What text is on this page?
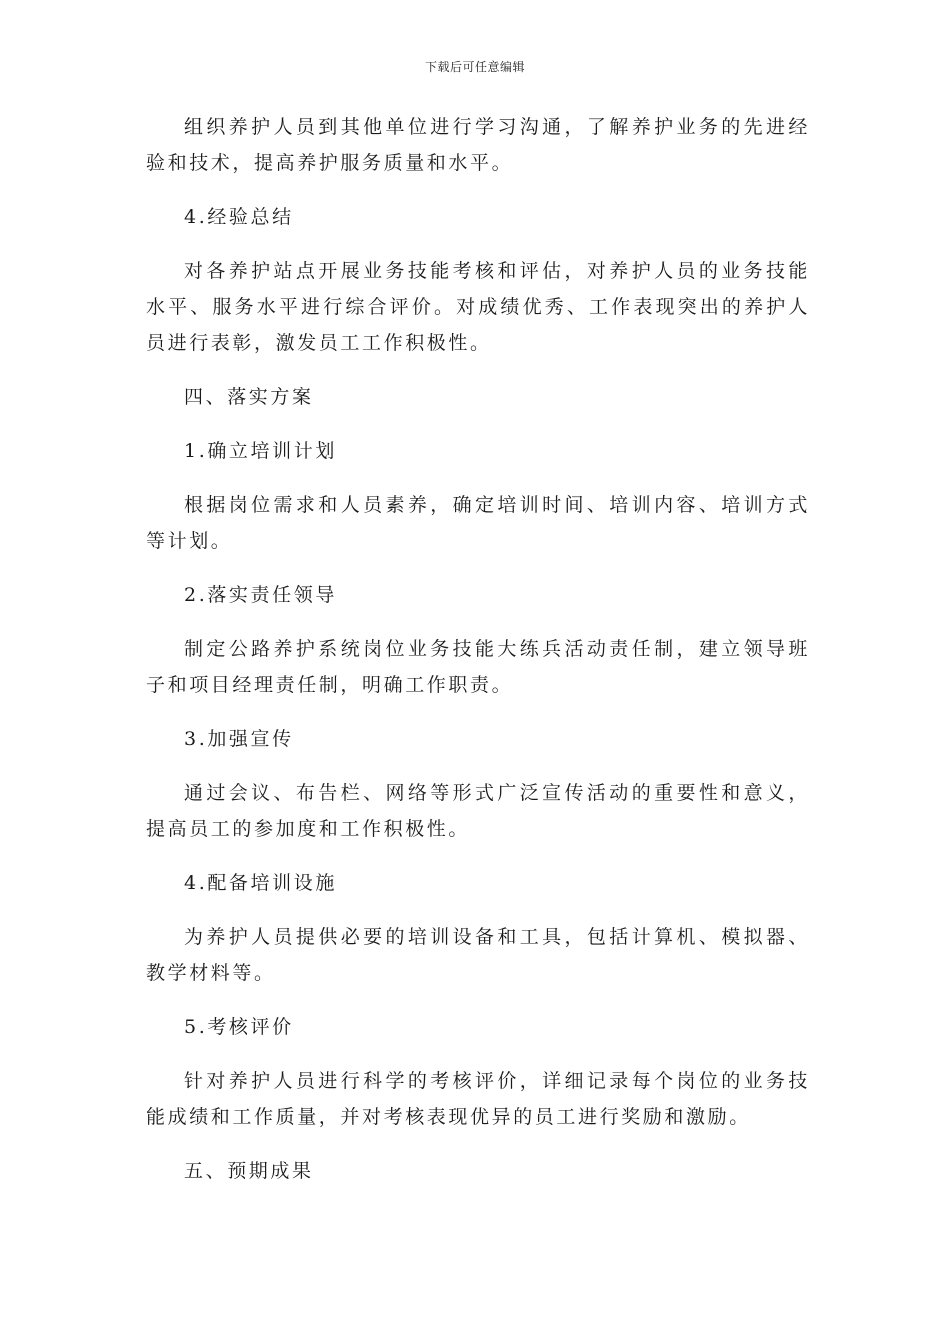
下载后可任意编辑

组织养护人员到其他单位进行学习沟通，了解养护业务的先进经验和技术，提高养护服务质量和水平。

4.经验总结

对各养护站点开展业务技能考核和评估，对养护人员的业务技能水平、服务水平进行综合评价。对成绩优秀、工作表现突出的养护人员进行表彰，激发员工工作积极性。

四、落实方案

1.确立培训计划

根据岗位需求和人员素养，确定培训时间、培训内容、培训方式等计划。

2.落实责任领导

制定公路养护系统岗位业务技能大练兵活动责任制，建立领导班子和项目经理责任制，明确工作职责。

3.加强宣传

通过会议、布告栏、网络等形式广泛宣传活动的重要性和意义，提高员工的参加度和工作积极性。

4.配备培训设施

为养护人员提供必要的培训设备和工具，包括计算机、模拟器、教学材料等。

5.考核评价

针对养护人员进行科学的考核评价，详细记录每个岗位的业务技能成绩和工作质量，并对考核表现优异的员工进行奖励和激励。

五、预期成果
